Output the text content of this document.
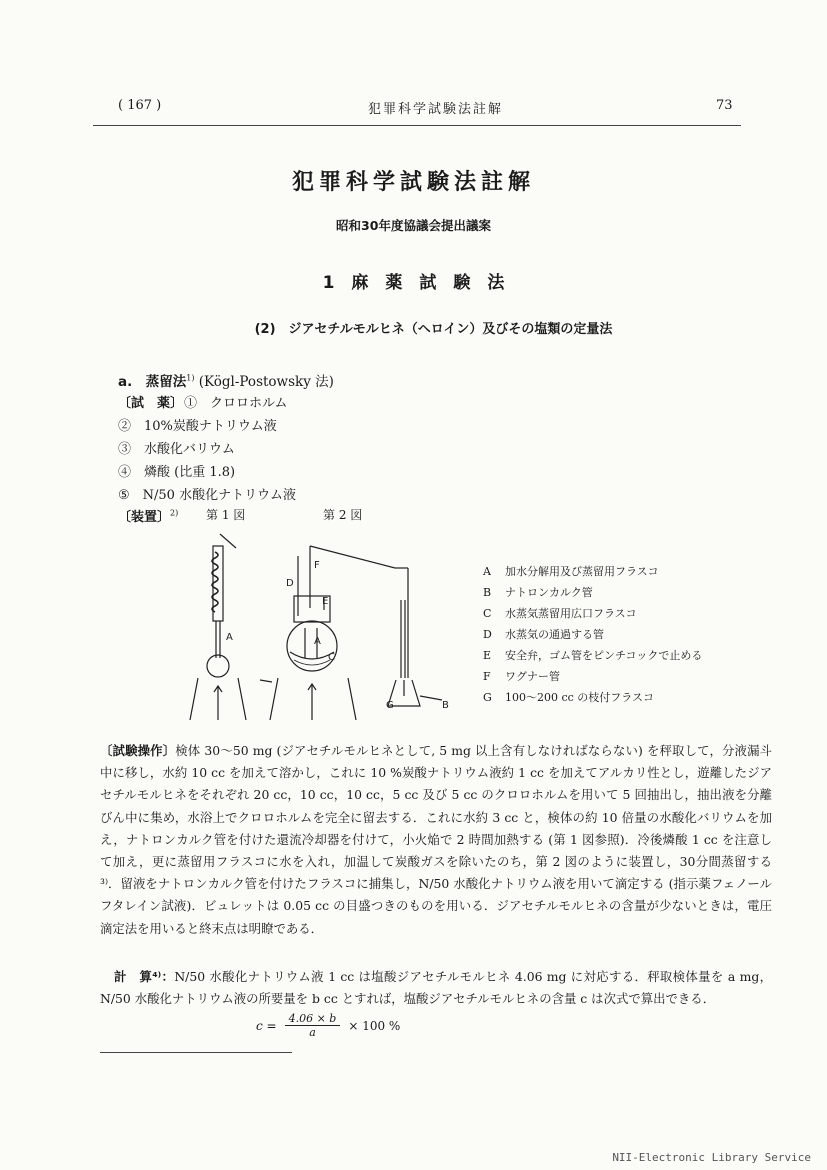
( 167 )	犯罪科学試験法註解	73
犯罪科学試験法註解
昭和30年度協議会提出議案
1　麻　薬　試　験　法
(2)　ジアセチルモルヒネ（ヘロイン）及びその塩類の定量法
a.　蒸留法$^{1)}$ (Kögl-Postowsky 法)
〔試　薬〕 ①　クロロホルム
②　10%炭酸ナトリウム液
③　水酸化バリウム
④　燐酸 (比重 1.8)
⑤　N/50 水酸化ナトリウム液
〔装置〕$^{2)}$ 第 1 図	第 2 図
A
D
F
E
A
C
G	B
A 加水分解用及び蒸留用フラスコ
B ナトロンカルク管
C 水蒸気蒸留用広口フラスコ
D 水蒸気の通過する管
E 安全弁，ゴム管をピンチコックで止める
F ワグナー管
G 100～200 cc の枝付フラスコ
〔試験操作〕検体 30～50 mg (ジアセチルモルヒネとして, 5 mg 以上含有しなければならない) を秤取して，分液漏斗中に移し，水約 10 cc を加えて溶かし，これに 10 %炭酸ナトリウム液約 1 cc を加えてアルカリ性とし，遊離したジアセチルモルヒネをそれぞれ 20 cc，10 cc，10 cc，5 cc 及び 5 cc のクロロホルムを用いて 5 回抽出し，抽出液を分離びん中に集め，水浴上でクロロホルムを完全に留去する．これに水約 3 cc と，検体の約 10 倍量の水酸化バリウムを加え，ナトロンカルク管を付けた還流冷却器を付けて，小火焔で 2 時間加熱する (第 1 図参照)．冷後燐酸 1 cc を注意して加え，更に蒸留用フラスコに水を入れ，加温して炭酸ガスを除いたのち，第 2 図のように装置し，30分間蒸留する³⁾．留液をナトロンカルク管を付けたフラスコに捕集し，N/50 水酸化ナトリウム液を用いて滴定する (指示薬フェノールフタレイン試液)．ビュレットは 0.05 cc の目盛つきのものを用いる．ジアセチルモルヒネの含量が少ないときは，電圧滴定法を用いると終末点は明瞭である．
計　算⁴⁾：N/50 水酸化ナトリウム液 1 cc は塩酸ジアセチルモルヒネ 4.06 mg に対応する．秤取検体量を a mg，N/50 水酸化ナトリウム液の所要量を b cc とすれば，塩酸ジアセチルモルヒネの含量 c は次式で算出できる．
$c = \frac{4.06 \times b}{a} \times 100$ %
NII-Electronic Library Service
